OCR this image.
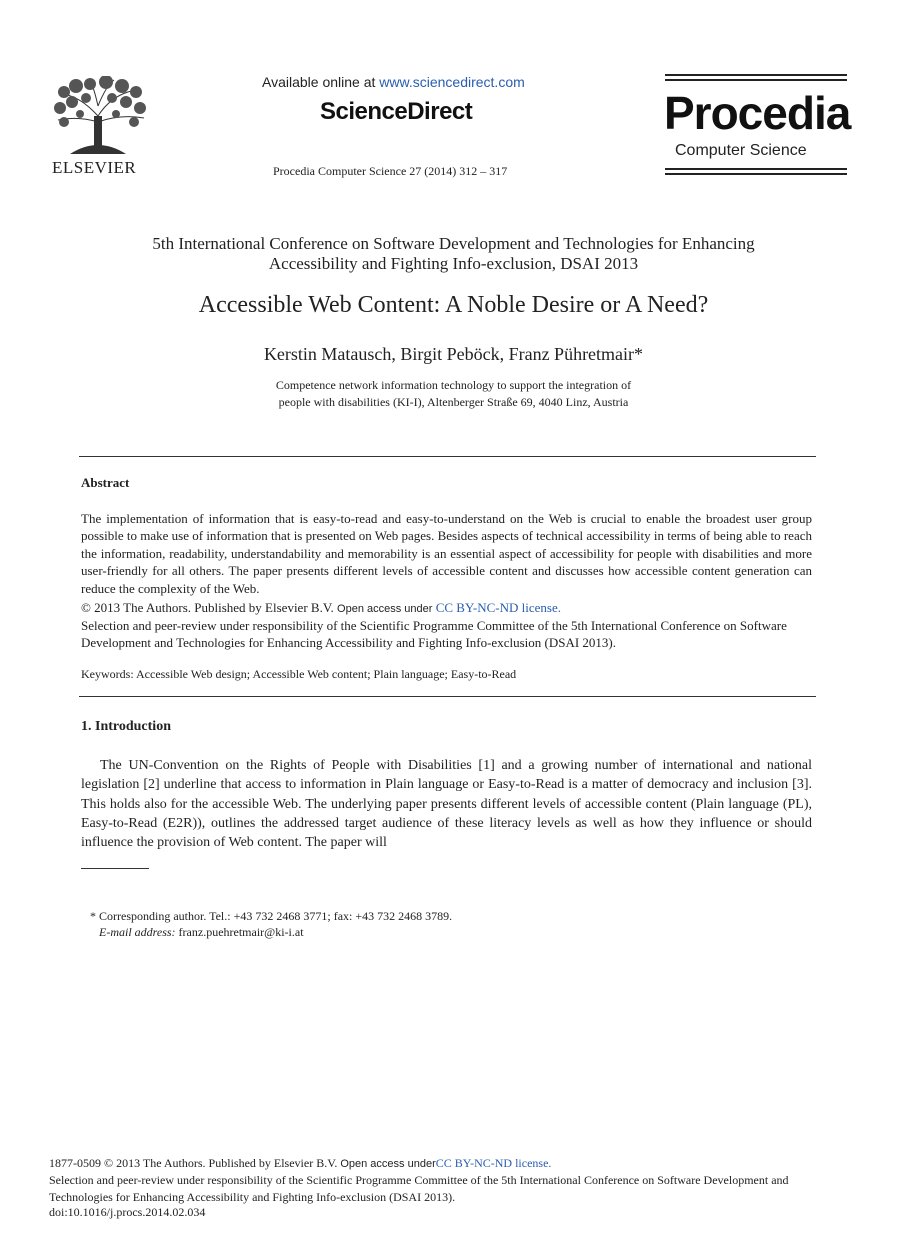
ELSEVIER
Available online at www.sciencedirect.com
ScienceDirect
Procedia Computer Science 27 (2014) 312 – 317
Procedia
Computer Science
5th International Conference on Software Development and Technologies for Enhancing
Accessibility and Fighting Info-exclusion, DSAI 2013
Accessible Web Content: A Noble Desire or A Need?
Kerstin Matausch, Birgit Peböck, Franz Pühretmair*
Competence network information technology to support the integration of
people with disabilities (KI-I), Altenberger Straße 69, 4040 Linz, Austria
Abstract
The implementation of information that is easy-to-read and easy-to-understand on the Web is crucial to enable the broadest user group possible to make use of information that is presented on Web pages. Besides aspects of technical accessibility in terms of being able to reach the information, readability, understandability and memorability is an essential aspect of accessibility for people with disabilities and more user-friendly for all others. The paper presents different levels of accessible content and discusses how accessible content generation can reduce the complexity of the Web.
© 2013 The Authors. Published by Elsevier B.V. Open access under CC BY-NC-ND license.
Selection and peer-review under responsibility of the Scientific Programme Committee of the 5th International Conference on Software Development and Technologies for Enhancing Accessibility and Fighting Info-exclusion (DSAI 2013).
Keywords: Accessible Web design; Accessible Web content; Plain language; Easy-to-Read
1. Introduction
The UN-Convention on the Rights of People with Disabilities [1] and a growing number of international and national legislation [2] underline that access to information in Plain language or Easy-to-Read is a matter of democracy and inclusion [3]. This holds also for the accessible Web. The underlying paper presents different levels of accessible content (Plain language (PL), Easy-to-Read (E2R)), outlines the addressed target audience of these literacy levels as well as how they influence or should influence the provision of Web content. The paper will
* Corresponding author. Tel.: +43 732 2468 3771; fax: +43 732 2468 3789.
E-mail address: franz.puehretmair@ki-i.at
1877-0509 © 2013 The Authors. Published by Elsevier B.V. Open access underCC BY-NC-ND license.
Selection and peer-review under responsibility of the Scientific Programme Committee of the 5th International Conference on Software Development and Technologies for Enhancing Accessibility and Fighting Info-exclusion (DSAI 2013).
doi:10.1016/j.procs.2014.02.034
